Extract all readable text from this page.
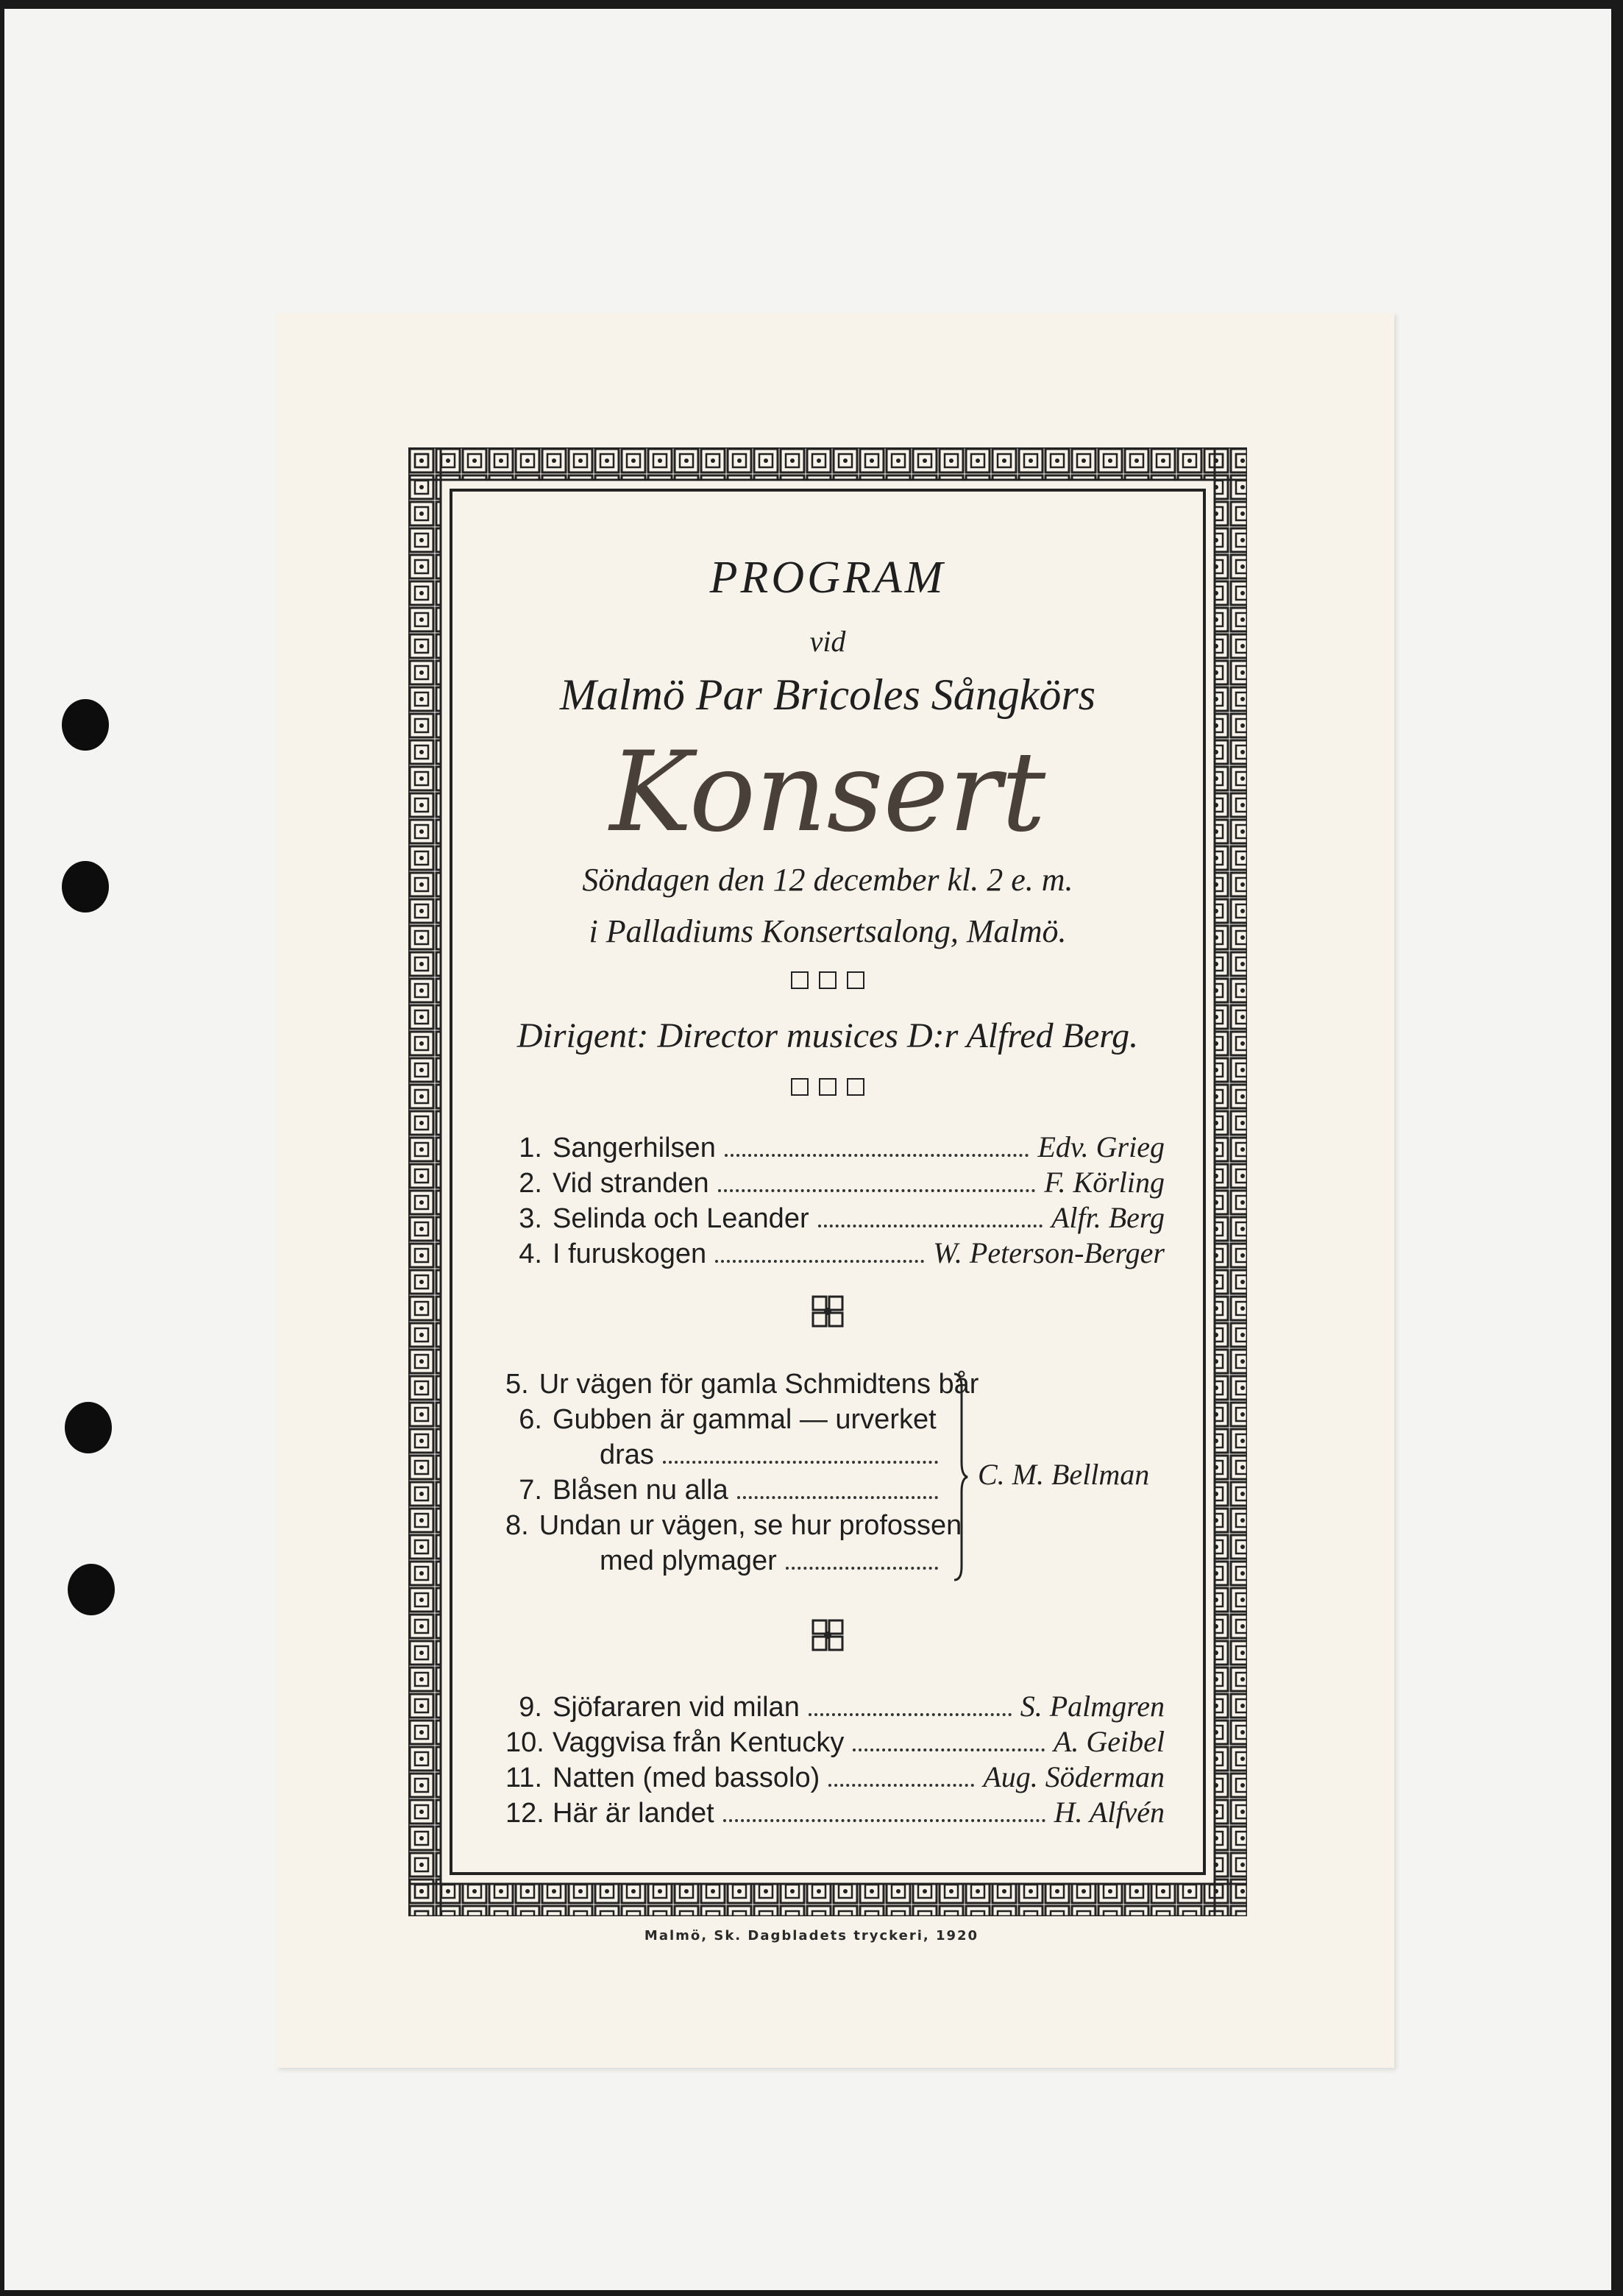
PROGRAM
vid
Malmö Par Bricoles Sångkörs
Konsert
Söndagen den 12 december kl. 2 e. m.
i Palladiums Konsertsalong, Malmö.
Dirigent: Director musices D:r Alfred Berg.
1. Sangerhilsen	Edv. Grieg
2. Vid stranden	F. Körling
3. Selinda och Leander	Alfr. Berg
4. I furuskogen	W. Peterson-Berger
5. Ur vägen för gamla Schmidtens bår
6. Gubben är gammal — urverket
dras
7. Blåsen nu alla
8. Undan ur vägen, se hur profossen
med plymager
C. M. Bellman
9. Sjöfararen vid milan	S. Palmgren
10. Vaggvisa från Kentucky	A. Geibel
11. Natten (med bassolo)	Aug. Söderman
12. Här är landet	H. Alfvén
Malmö, Sk. Dagbladets tryckeri, 1920
